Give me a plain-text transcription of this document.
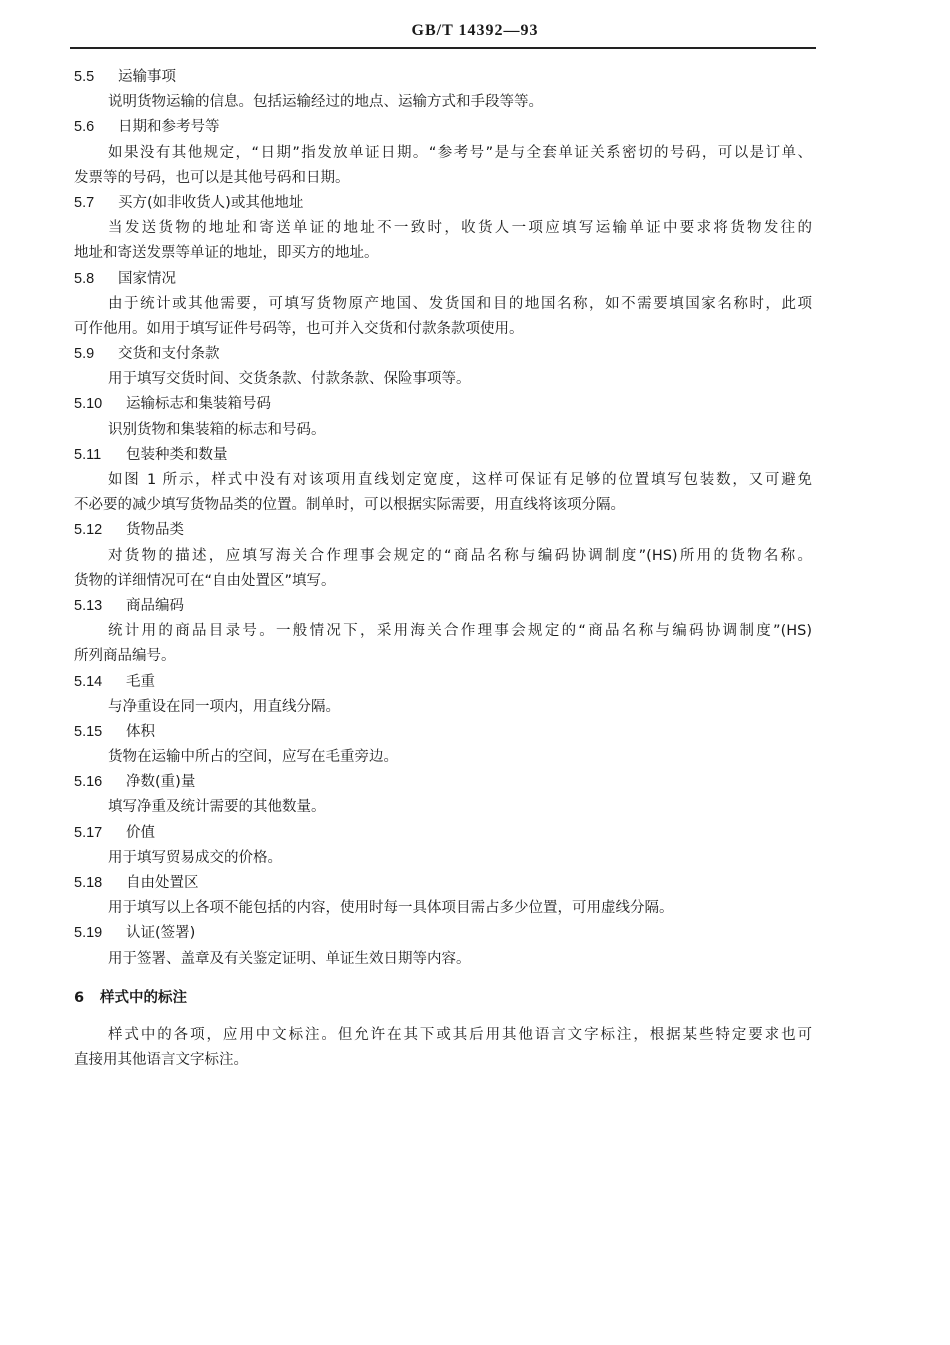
GB/T 14392—93
5.5 运输事项
说明货物运输的信息。包括运输经过的地点、运输方式和手段等等。
5.6 日期和参考号等
如果没有其他规定，“日期”指发放单证日期。“参考号”是与全套单证关系密切的号码，可以是订单、
发票等的号码，也可以是其他号码和日期。
5.7 买方(如非收货人)或其他地址
当发送货物的地址和寄送单证的地址不一致时，收货人一项应填写运输单证中要求将货物发往的
地址和寄送发票等单证的地址，即买方的地址。
5.8 国家情况
由于统计或其他需要，可填写货物原产地国、发货国和目的地国名称，如不需要填国家名称时，此项
可作他用。如用于填写证件号码等，也可并入交货和付款条款项使用。
5.9 交货和支付条款
用于填写交货时间、交货条款、付款条款、保险事项等。
5.10 运输标志和集装箱号码
识别货物和集装箱的标志和号码。
5.11 包装种类和数量
如图 1 所示，样式中没有对该项用直线划定宽度，这样可保证有足够的位置填写包装数，又可避免
不必要的减少填写货物品类的位置。制单时，可以根据实际需要，用直线将该项分隔。
5.12 货物品类
对货物的描述，应填写海关合作理事会规定的“商品名称与编码协调制度”(HS)所用的货物名称。
货物的详细情况可在“自由处置区”填写。
5.13 商品编码
统计用的商品目录号。一般情况下，采用海关合作理事会规定的“商品名称与编码协调制度”(HS)
所列商品编号。
5.14 毛重
与净重设在同一项内，用直线分隔。
5.15 体积
货物在运输中所占的空间，应写在毛重旁边。
5.16 净数(重)量
填写净重及统计需要的其他数量。
5.17 价值
用于填写贸易成交的价格。
5.18 自由处置区
用于填写以上各项不能包括的内容，使用时每一具体项目需占多少位置，可用虚线分隔。
5.19 认证(签署)
用于签署、盖章及有关鉴定证明、单证生效日期等内容。
6 样式中的标注
样式中的各项，应用中文标注。但允许在其下或其后用其他语言文字标注，根据某些特定要求也可
直接用其他语言文字标注。
